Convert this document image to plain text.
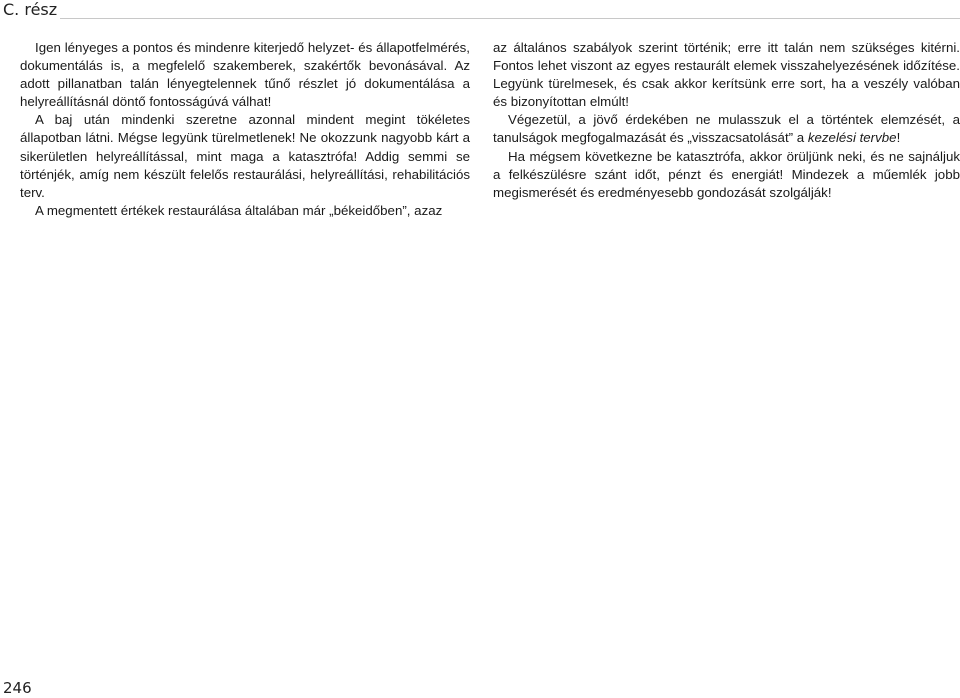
C. rész

Igen lényeges a pontos és mindenre kiterjedő helyzet- és állapotfelmérés, dokumentálás is, a megfelelő szakemberek, szakértők bevonásával. Az adott pillanatban talán lényegtelennek tűnő részlet jó dokumentálása a helyreállításnál döntő fontosságúvá válhat!

A baj után mindenki szeretne azonnal mindent megint tökéletes állapotban látni. Mégse legyünk türelmetlenek! Ne okozzunk nagyobb kárt a sikerületlen helyreállítással, mint maga a katasztrófa! Addig semmi se történjék, amíg nem készült felelős restaurálási, helyreállítási, rehabilitációs terv.

A megmentett értékek restaurálása általában már „békeidőben”, azaz

az általános szabályok szerint történik; erre itt talán nem szükséges kitérni. Fontos lehet viszont az egyes restaurált elemek visszahelyezésének időzítése. Legyünk türelmesek, és csak akkor kerítsünk erre sort, ha a veszély valóban és bizonyítottan elmúlt!

Végezetül, a jövő érdekében ne mulasszuk el a történtek elemzését, a tanulságok megfogalmazását és „visszacsatolását” a kezelési tervbe!

Ha mégsem következne be katasztrófa, akkor örüljünk neki, és ne sajnáljuk a felkészülésre szánt időt, pénzt és energiát! Mindezek a műemlék jobb megismerését és eredményesebb gondozását szolgálják!

246
